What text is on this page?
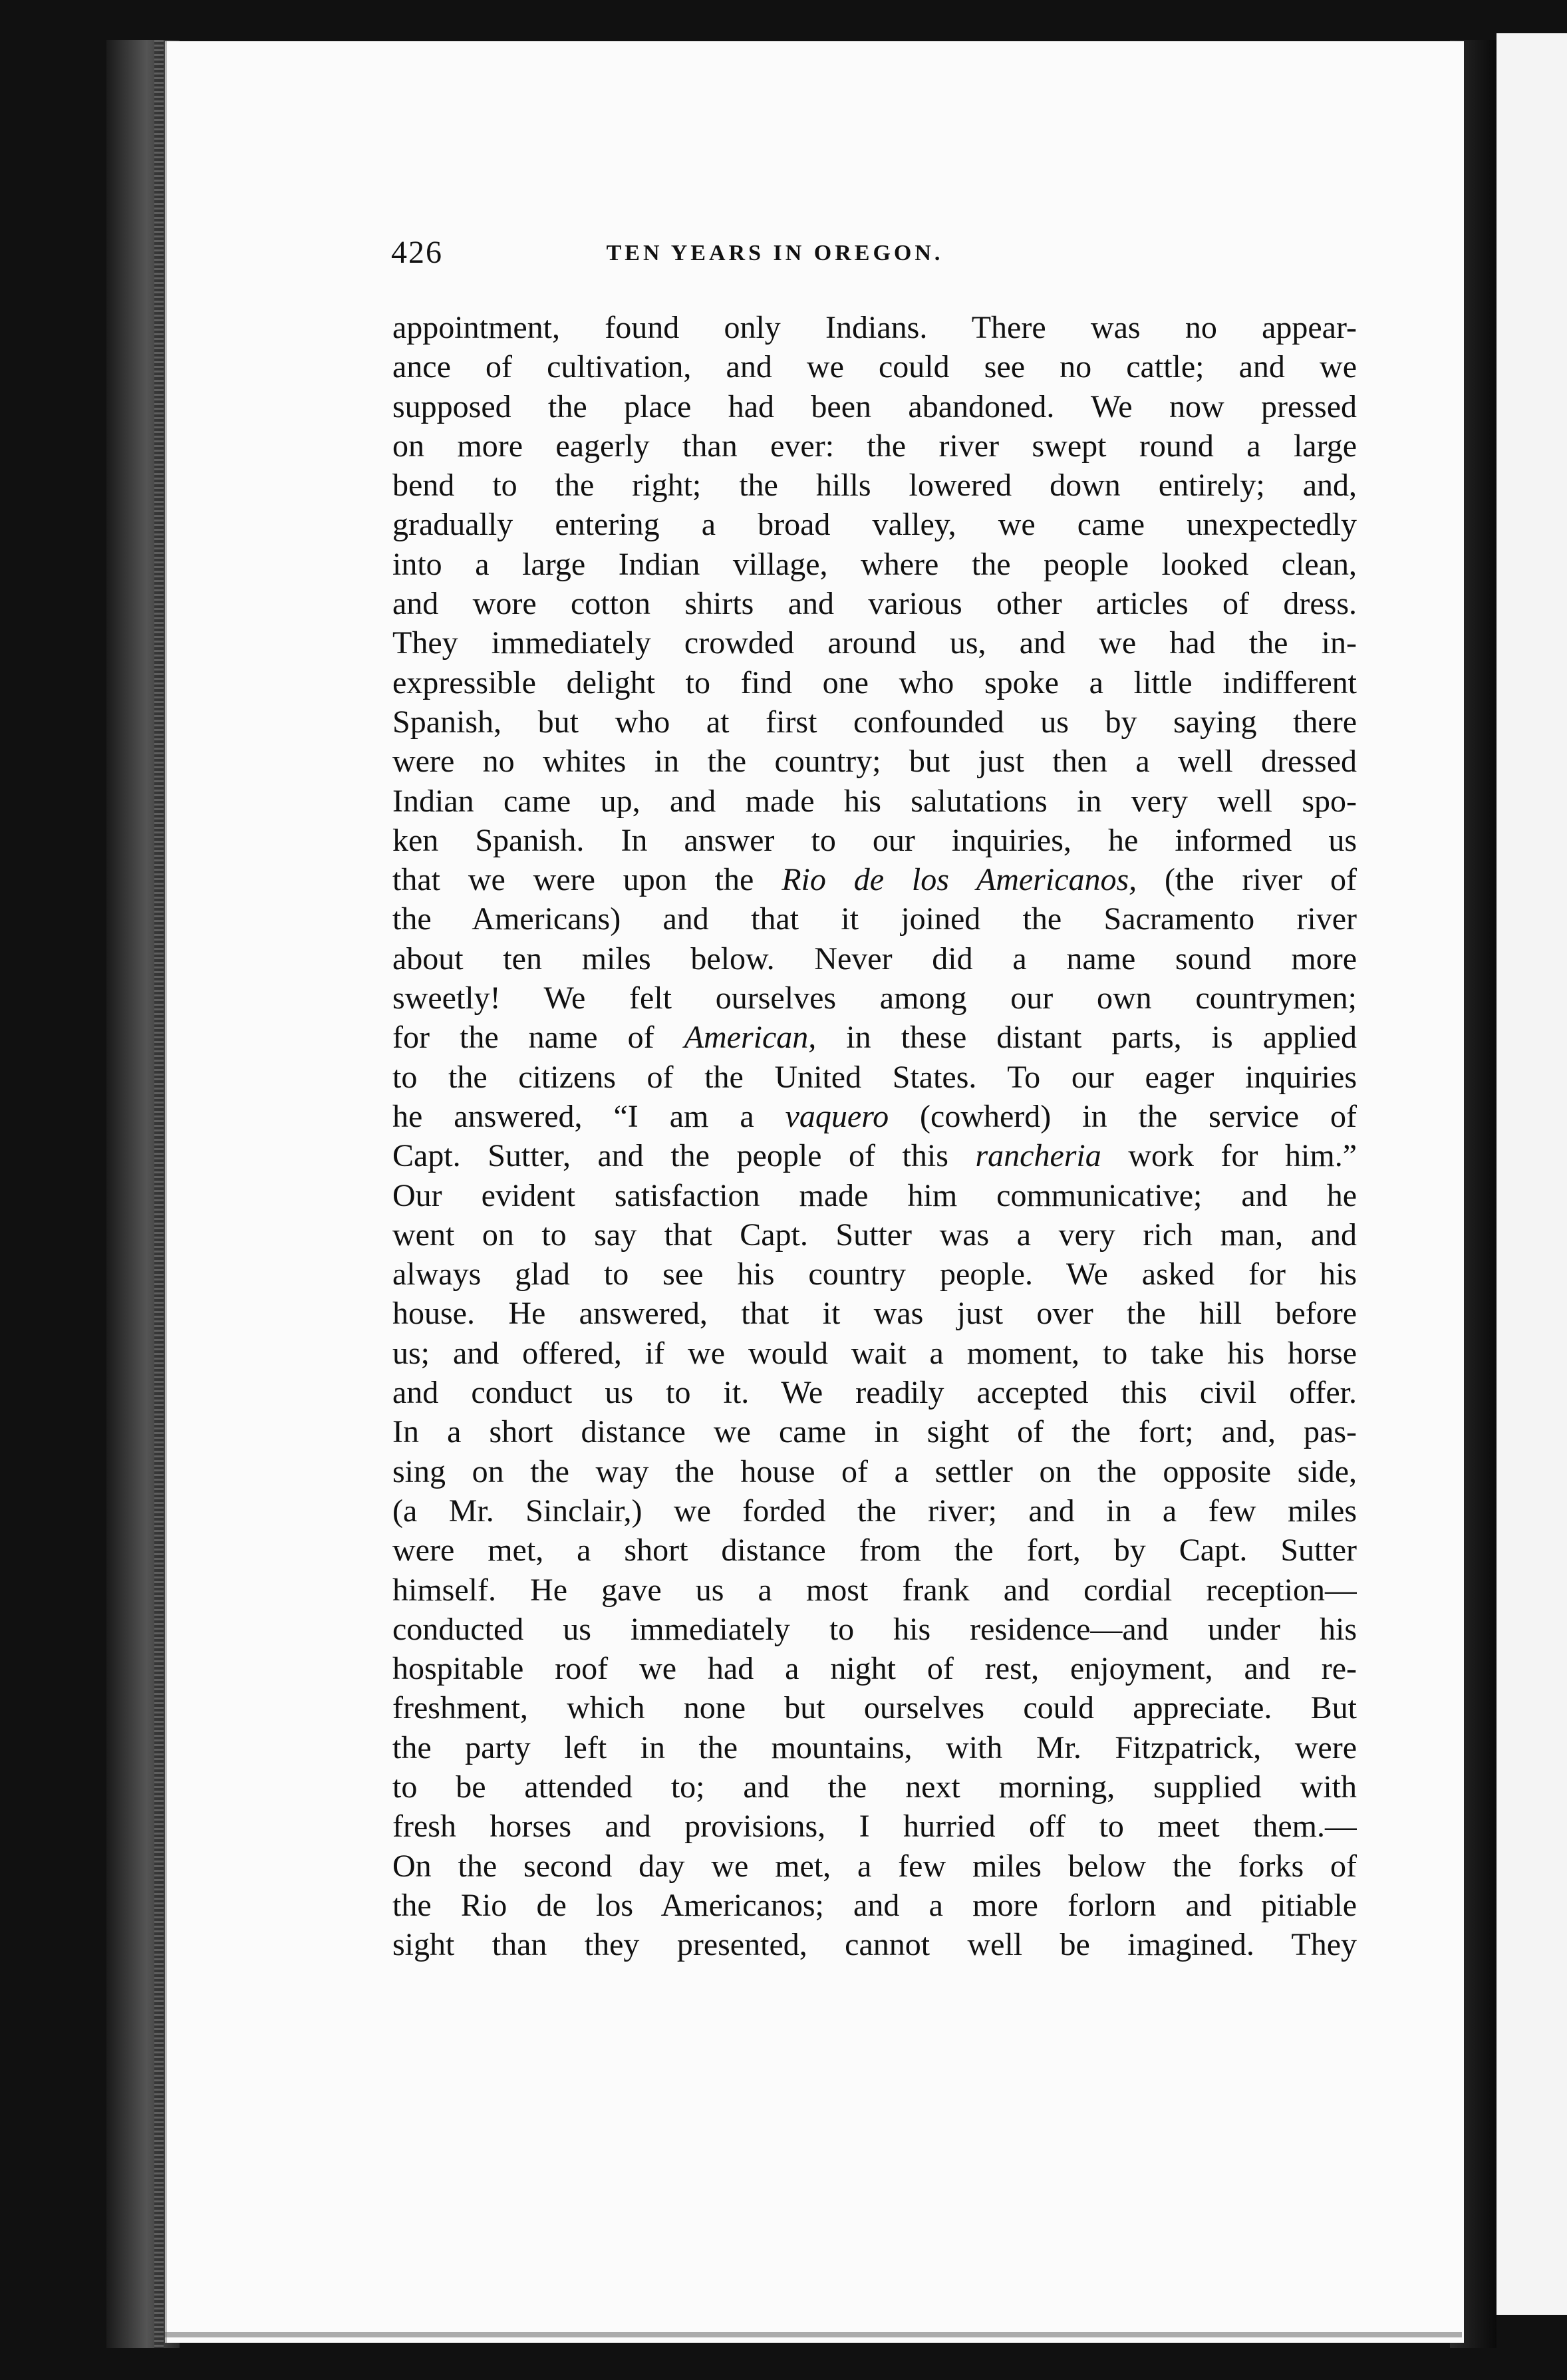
426	TEN YEARS IN OREGON.
appointment, found only Indians. There was no appear-
ance of cultivation, and we could see no cattle; and we
supposed the place had been abandoned. We now pressed
on more eagerly than ever: the river swept round a large
bend to the right; the hills lowered down entirely; and,
gradually entering a broad valley, we came unexpectedly
into a large Indian village, where the people looked clean,
and wore cotton shirts and various other articles of dress.
They immediately crowded around us, and we had the in-
expressible delight to find one who spoke a little indifferent
Spanish, but who at first confounded us by saying there
were no whites in the country; but just then a well dressed
Indian came up, and made his salutations in very well spo-
ken Spanish. In answer to our inquiries, he informed us
that we were upon the Rio de los Americanos, (the river of
the Americans) and that it joined the Sacramento river
about ten miles below. Never did a name sound more
sweetly! We felt ourselves among our own countrymen;
for the name of American, in these distant parts, is applied
to the citizens of the United States. To our eager inquiries
he answered, “I am a vaquero (cowherd) in the service of
Capt. Sutter, and the people of this rancheria work for him.”
Our evident satisfaction made him communicative; and he
went on to say that Capt. Sutter was a very rich man, and
always glad to see his country people. We asked for his
house. He answered, that it was just over the hill before
us; and offered, if we would wait a moment, to take his horse
and conduct us to it. We readily accepted this civil offer.
In a short distance we came in sight of the fort; and, pas-
sing on the way the house of a settler on the opposite side,
(a Mr. Sinclair,) we forded the river; and in a few miles
were met, a short distance from the fort, by Capt. Sutter
himself. He gave us a most frank and cordial reception—
conducted us immediately to his residence—and under his
hospitable roof we had a night of rest, enjoyment, and re-
freshment, which none but ourselves could appreciate. But
the party left in the mountains, with Mr. Fitzpatrick, were
to be attended to; and the next morning, supplied with
fresh horses and provisions, I hurried off to meet them.—
On the second day we met, a few miles below the forks of
the Rio de los Americanos; and a more forlorn and pitiable
sight than they presented, cannot well be imagined. They
